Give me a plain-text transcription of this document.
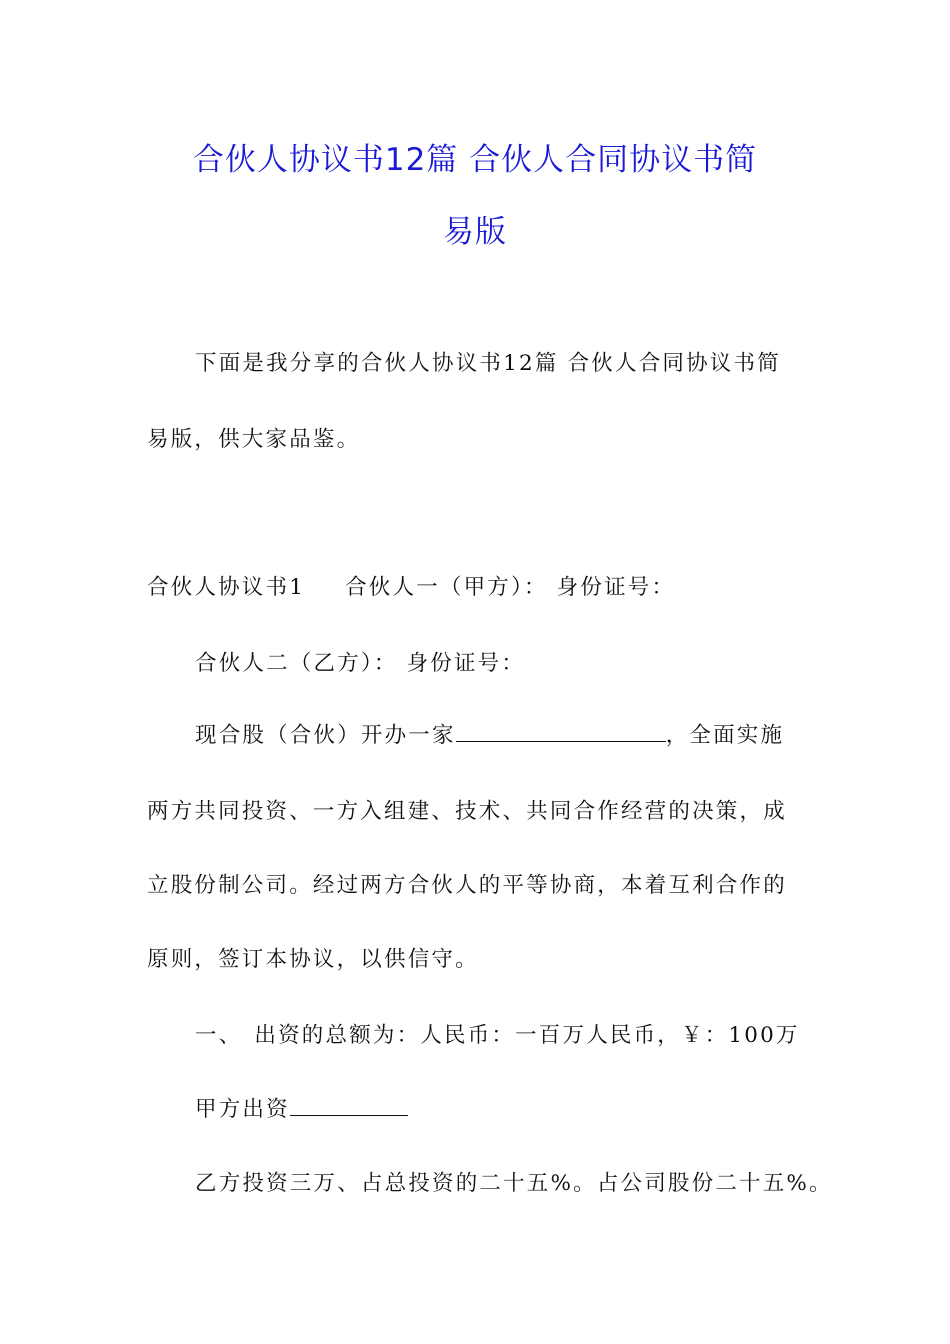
合伙人协议书12篇 合伙人合同协议书简
易版

下面是我分享的合伙人协议书12篇 合伙人合同协议书简

易版，供大家品鉴。

合伙人协议书1 合伙人一（甲方）： 身份证号：

合伙人二（乙方）： 身份证号：

现合股（合伙）开办一家	，全面实施

两方共同投资、一方入组建、技术、共同合作经营的决策，成

立股份制公司。经过两方合伙人的平等协商，本着互利合作的

原则，签订本协议，以供信守。

一、 出资的总额为：人民币：一百万人民币，￥：100万

甲方出资

乙方投资三万、占总投资的二十五%。占公司股份二十五%。
